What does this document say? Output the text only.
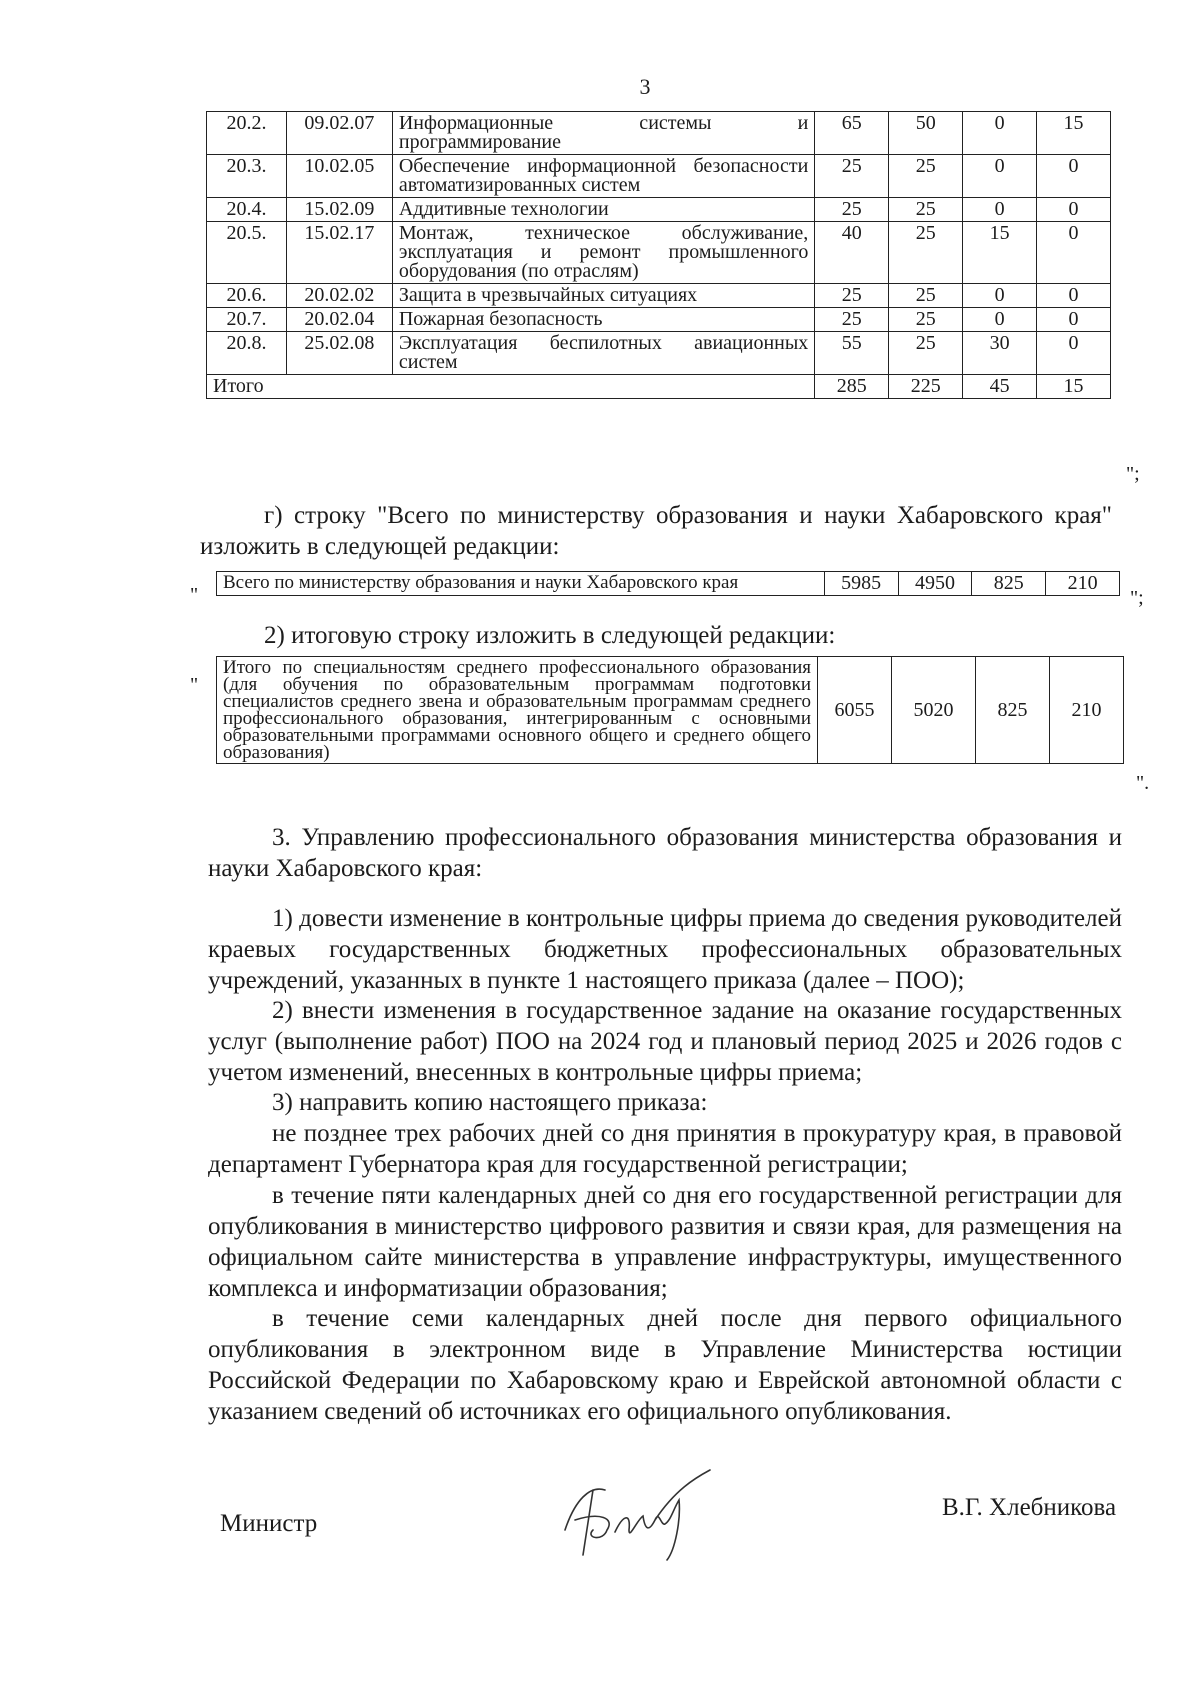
3
20.2.	09.02.07	Информационные системы и программирование	65	50	0	15
20.3.	10.02.05	Обеспечение информационной безопасности автоматизированных систем	25	25	0	0
20.4.	15.02.09	Аддитивные технологии	25	25	0	0
20.5.	15.02.17	Монтаж, техническое обслуживание, эксплуатация и ремонт промышленного оборудования (по отраслям)	40	25	15	0
20.6.	20.02.02	Защита в чрезвычайных ситуациях	25	25	0	0
20.7.	20.02.04	Пожарная безопасность	25	25	0	0
20.8.	25.02.08	Эксплуатация беспилотных авиационных систем	55	25	30	0
Итого			285	225	45	15
";
г) строку "Всего по министерству образования и науки Хабаровского края" изложить в следующей редакции:
"
Всего по министерству образования и науки Хабаровского края	5985	4950	825	210
";
2) итоговую строку изложить в следующей редакции:
"
Итого по специальностям среднего профессионального образования (для обучения по образовательным программам подготовки специалистов среднего звена и образовательным программам среднего профессионального образования, интегрированным с основными образовательными программами основного общего и среднего общего образования)	6055	5020	825	210
".
3. Управлению профессионального образования министерства образования и науки Хабаровского края:
1) довести изменение в контрольные цифры приема до сведения руководителей краевых государственных бюджетных профессиональных образовательных учреждений, указанных в пункте 1 настоящего приказа (далее – ПОО);
2) внести изменения в государственное задание на оказание государственных услуг (выполнение работ) ПОО на 2024 год и плановый период 2025 и 2026 годов с учетом изменений, внесенных в контрольные цифры приема;
3) направить копию настоящего приказа:
не позднее трех рабочих дней со дня принятия в прокуратуру края, в правовой департамент Губернатора края для государственной регистрации;
в течение пяти календарных дней со дня его государственной регистрации для опубликования в министерство цифрового развития и связи края, для размещения на официальном сайте министерства в управление инфраструктуры, имущественного комплекса и информатизации образования;
в течение семи календарных дней после дня первого официального опубликования в электронном виде в Управление Министерства юстиции Российской Федерации по Хабаровскому краю и Еврейской автономной области с указанием сведений об источниках его официального опубликования.
Министр
В.Г. Хлебникова
